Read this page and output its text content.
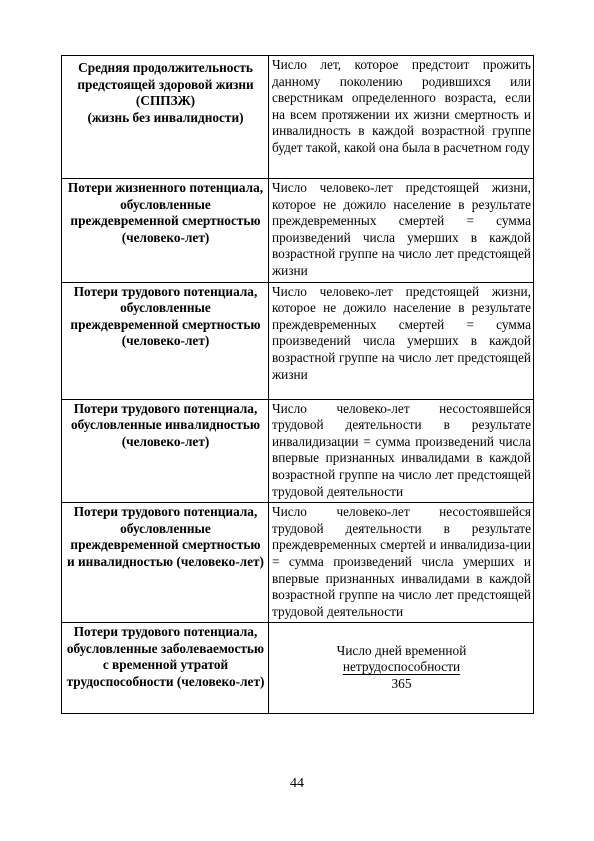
Средняя продолжительность предстоящей здоровой жизни (СППЗЖ)
(жизнь без инвалидности)	Число лет, которое предстоит прожить данному поколению родившихся или сверстникам определенного возраста, если на всем протяжении их жизни смертность и инвалидность в каждой возрастной группе будет такой, какой она была в расчетном году

Потери жизненного потенциала, обусловленные преждевременной смертностью (человеко-лет)	Число человеко-лет предстоящей жизни, которое не дожило население в результате преждевременных смертей = сумма произведений числа умерших в каждой возрастной группе на число лет предстоящей жизни

Потери трудового потенциала, обусловленные преждевременной смертностью (человеко-лет)	Число человеко-лет предстоящей жизни, которое не дожило население в результате преждевременных смертей = сумма произведений числа умерших в каждой возрастной группе на число лет предстоящей жизни

Потери трудового потенциала, обусловленные инвалидностью (человеко-лет)	Число человеко-лет несостоявшейся трудовой деятельности в результате инвалидизации = сумма произведений числа впервые признанных инвалидами в каждой возрастной группе на число лет предстоящей трудовой деятельности

Потери трудового потенциала, обусловленные преждевременной смертностью и инвалидностью (человеко-лет)	Число человеко-лет несостоявшейся трудовой деятельности в результате преждевременных смертей и инвалидиза-ции = сумма произведений числа умерших и впервые признанных инвалидами в каждой возрастной группе на число лет предстоящей трудовой деятельности

Потери трудового потенциала, обусловленные заболеваемостью с временной утратой трудоспособности (человеко-лет)	Число дней временной
нетрудоспособности
365
44
